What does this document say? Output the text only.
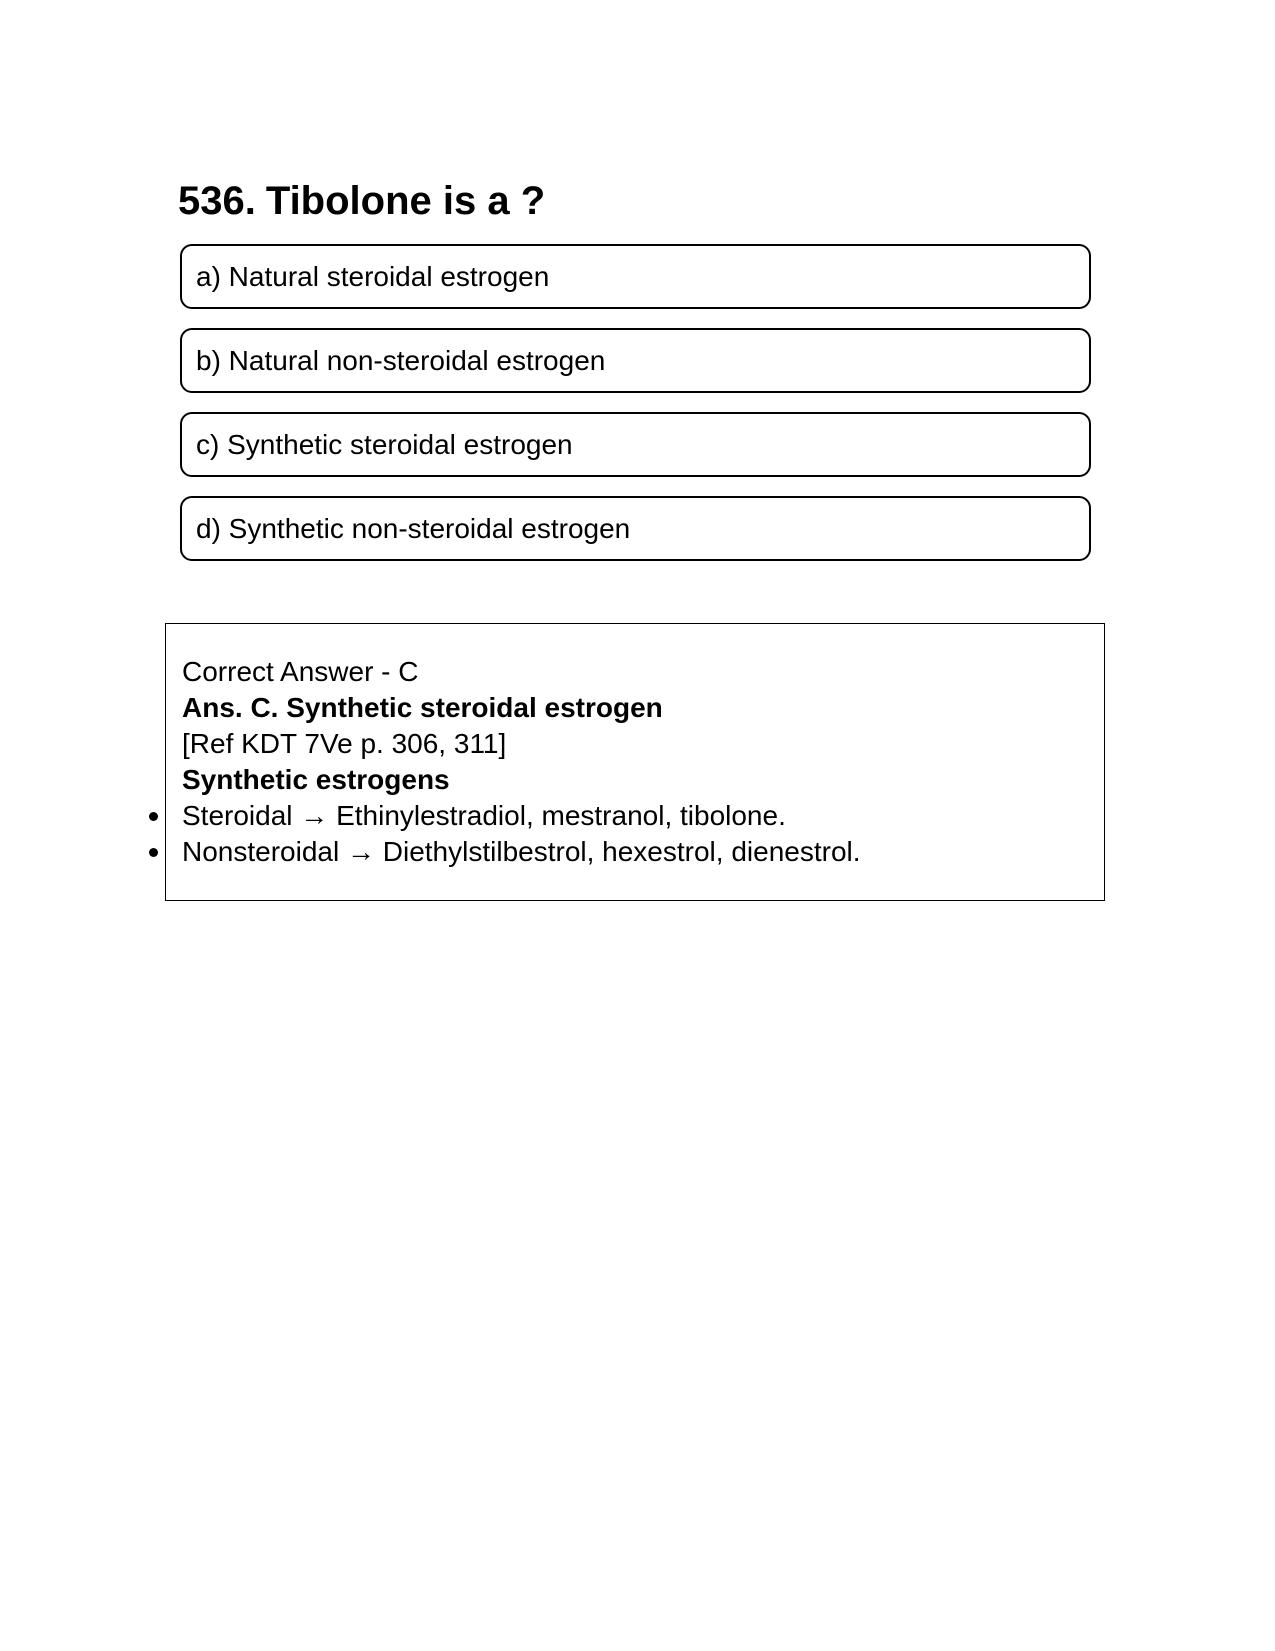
536. Tibolone is a ?
a) Natural steroidal estrogen
b) Natural non-steroidal estrogen
c) Synthetic steroidal estrogen
d) Synthetic non-steroidal estrogen
Correct Answer - C
Ans. C. Synthetic steroidal estrogen
[Ref KDT 7Ve p. 306, 311]
Synthetic estrogens
Steroidal → Ethinylestradiol, mestranol, tibolone.
Nonsteroidal → Diethylstilbestrol, hexestrol, dienestrol.
